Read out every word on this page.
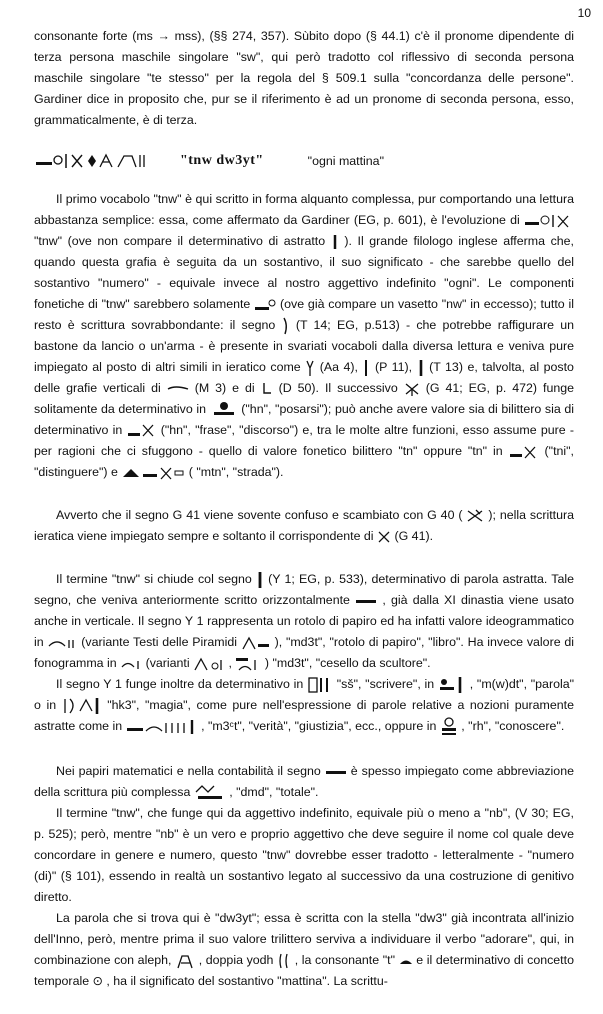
10

consonante forte (ms → mss), (§§ 274, 357). Sùbito dopo (§ 44.1) c'è il pronome dipendente di terza persona maschile singolare "sw", qui però tradotto col riflessivo di seconda persona maschile singolare "te stesso" per la regola del § 509.1 sulla "concordanza delle persone". Gardiner dice in proposito che, pur se il riferimento è ad un pronome di seconda persona, esso, grammaticalmente, è di terza.

"tnw dw3yt"	"ogni mattina"

Il primo vocabolo "tnw" è qui scritto in forma alquanto complessa, pur comportando una lettura abbastanza semplice: essa, come affermato da Gardiner (EG, p. 601), è l'evoluzione di  "tnw" (ove non compare il determinativo di astratto ). Il grande filologo inglese afferma che, quando questa grafia è seguita da un sostantivo, il suo significato - che sarebbe quello del sostantivo "numero" - equivale invece al nostro aggettivo indefinito "ogni". Le componenti fonetiche di "tnw" sarebbero solamente (ove già compare un vasetto "nw" in eccesso); tutto il resto è scrittura sovrabbondante: il segno (T 14; EG, p.513) - che potrebbe raffigurare un bastone da lancio o un'arma - è presente in svariati vocaboli dalla diversa lettura e veniva pure impiegato al posto di altri simili in ieratico come (Aa 4), (P 11), (T 13) e, talvolta, al posto delle grafie verticali di	(M 3) e di (D 50). Il successivo (G 41; EG, p. 472) funge solitamente da determinativo in	("hn", "posarsi"); può anche avere valore sia di bilittero sia di determinativo in	("hn", "frase", "discorso") e, tra le molte altre funzioni, esso assume pure - per ragioni che ci sfuggono - quello di valore fonetico bilittero "tn" oppure "tn" in	("tni", "distinguere") e	( "mtn", "strada").

Avverto che il segno G 41 viene sovente confuso e scambiato con G 40 ( ); nella scrittura ieratica viene impiegato sempre e soltanto il corrispondente di (G 41).

Il termine "tnw" si chiude col segno (Y 1; EG, p. 533), determinativo di parola astratta. Tale segno, che veniva anteriormente scritto orizzontalmente	, già dalla XI dinastia viene usato anche in verticale. Il segno Y 1 rappresenta un rotolo di papiro ed ha infatti valore ideogrammatico in	(variante Testi delle Piramidi	), "md3t", "rotolo di papiro", "libro". Ha invece valore di fonogramma in (varianti	,	) "md3t", "cesello da scultore".

Il segno Y 1 funge inoltre da determinativo in	"sš", "scrivere", in	, "m(w)dt", "parola" o in	"hk3", "magia", come pure nell'espressione di parole relative a nozioni puramente astratte come in	, "m3ᶜt", "verità", "giustizia", ecc., oppure in , "rh", "conoscere".

Nei papiri matematici e nella contabilità il segno è spesso impiegato come abbreviazione della scrittura più complessa	, "dmd", "totale".

Il termine "tnw", che funge qui da aggettivo indefinito, equivale più o meno a "nb", (V 30; EG, p. 525); però, mentre "nb" è un vero e proprio aggettivo che deve seguire il nome col quale deve concordare in genere e numero, questo "tnw" dovrebbe esser tradotto - letteralmente - "numero (di)" (§ 101), essendo in realtà un sostantivo legato al successivo da una costruzione di genitivo diretto.

La parola che si trova qui è "dw3yt"; essa è scritta con la stella "dw3" già incontrata all'inizio dell'Inno, però, mentre prima il suo valore trilittero serviva a individuare il verbo "adorare", qui, in combinazione con aleph, , doppia yodh , la consonante "t" e il determinativo di concetto temporale ⊙ , ha il significato del sostantivo "mattina". La scrittu-
